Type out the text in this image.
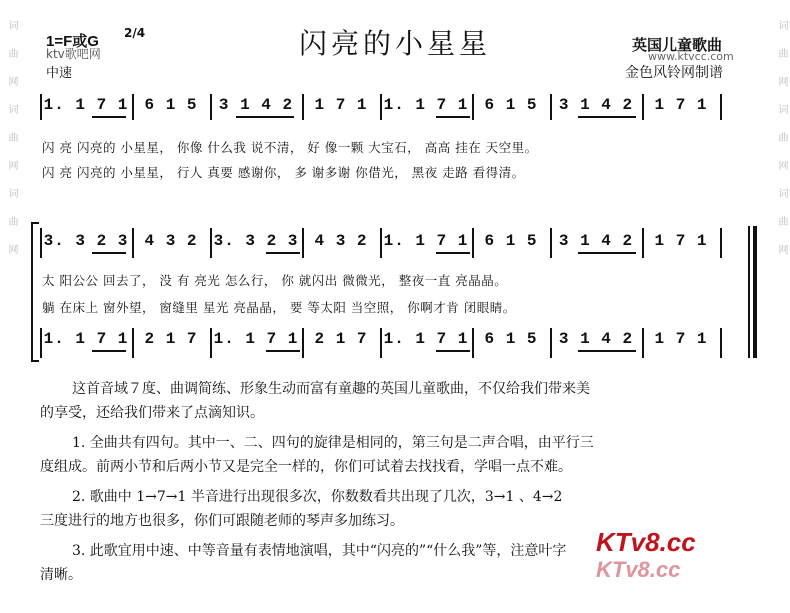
词曲网词曲网词曲网	词曲网词曲网词曲网
闪亮的小星星
1=F或G 2/4
ktv歌吧网
中速
英国儿童歌曲
www.ktvcc.com
金色风铃网制谱
1. 1 7 1	6 1 5	3 1 4 2	1 7 1	1. 1 7 1	6 1 5	3 1 4 2	1 7 1
闪 亮 闪亮的 小星星， 你像 什么我 说不清， 好 像一颗 大宝石， 高高 挂在 天空里。
闪 亮 闪亮的 小星星， 行人 真要 感谢你， 多 谢多谢 你借光， 黑夜 走路 看得清。
3. 3 2 3	4 3 2	3. 3 2 3	4 3 2	1. 1 7 1	6 1 5	3 1 4 2	1 7 1
太 阳公公 回去了， 没 有 亮光 怎么行， 你 就闪出 微微光， 整夜一直 亮晶晶。
躺 在床上 窗外望， 窗缝里 星光 亮晶晶， 要 等太阳 当空照， 你啊才肯 闭眼睛。
1. 1 7 1	2 1 7	1. 1 7 1	2 1 7	1. 1 7 1	6 1 5	3 1 4 2	1 7 1
这首音域７度、曲调简练、形象生动而富有童趣的英国儿童歌曲，不仅给我们带来美
的享受，还给我们带来了点滴知识。
1. 全曲共有四句。其中一、二、四句的旋律是相同的，第三句是二声合唱，由平行三
度组成。前两小节和后两小节又是完全一样的，你们可试着去找找看，学唱一点不难。
2. 歌曲中 1→7→1 半音进行出现很多次，你数数看共出现了几次，3→1 、4→2
三度进行的地方也很多，你们可跟随老师的琴声多加练习。
3. 此歌宜用中速、中等音量有表情地演唱，其中“闪亮的”“什么我”等，注意叶字
清晰。
KTv8.cc
KTv8.cc
